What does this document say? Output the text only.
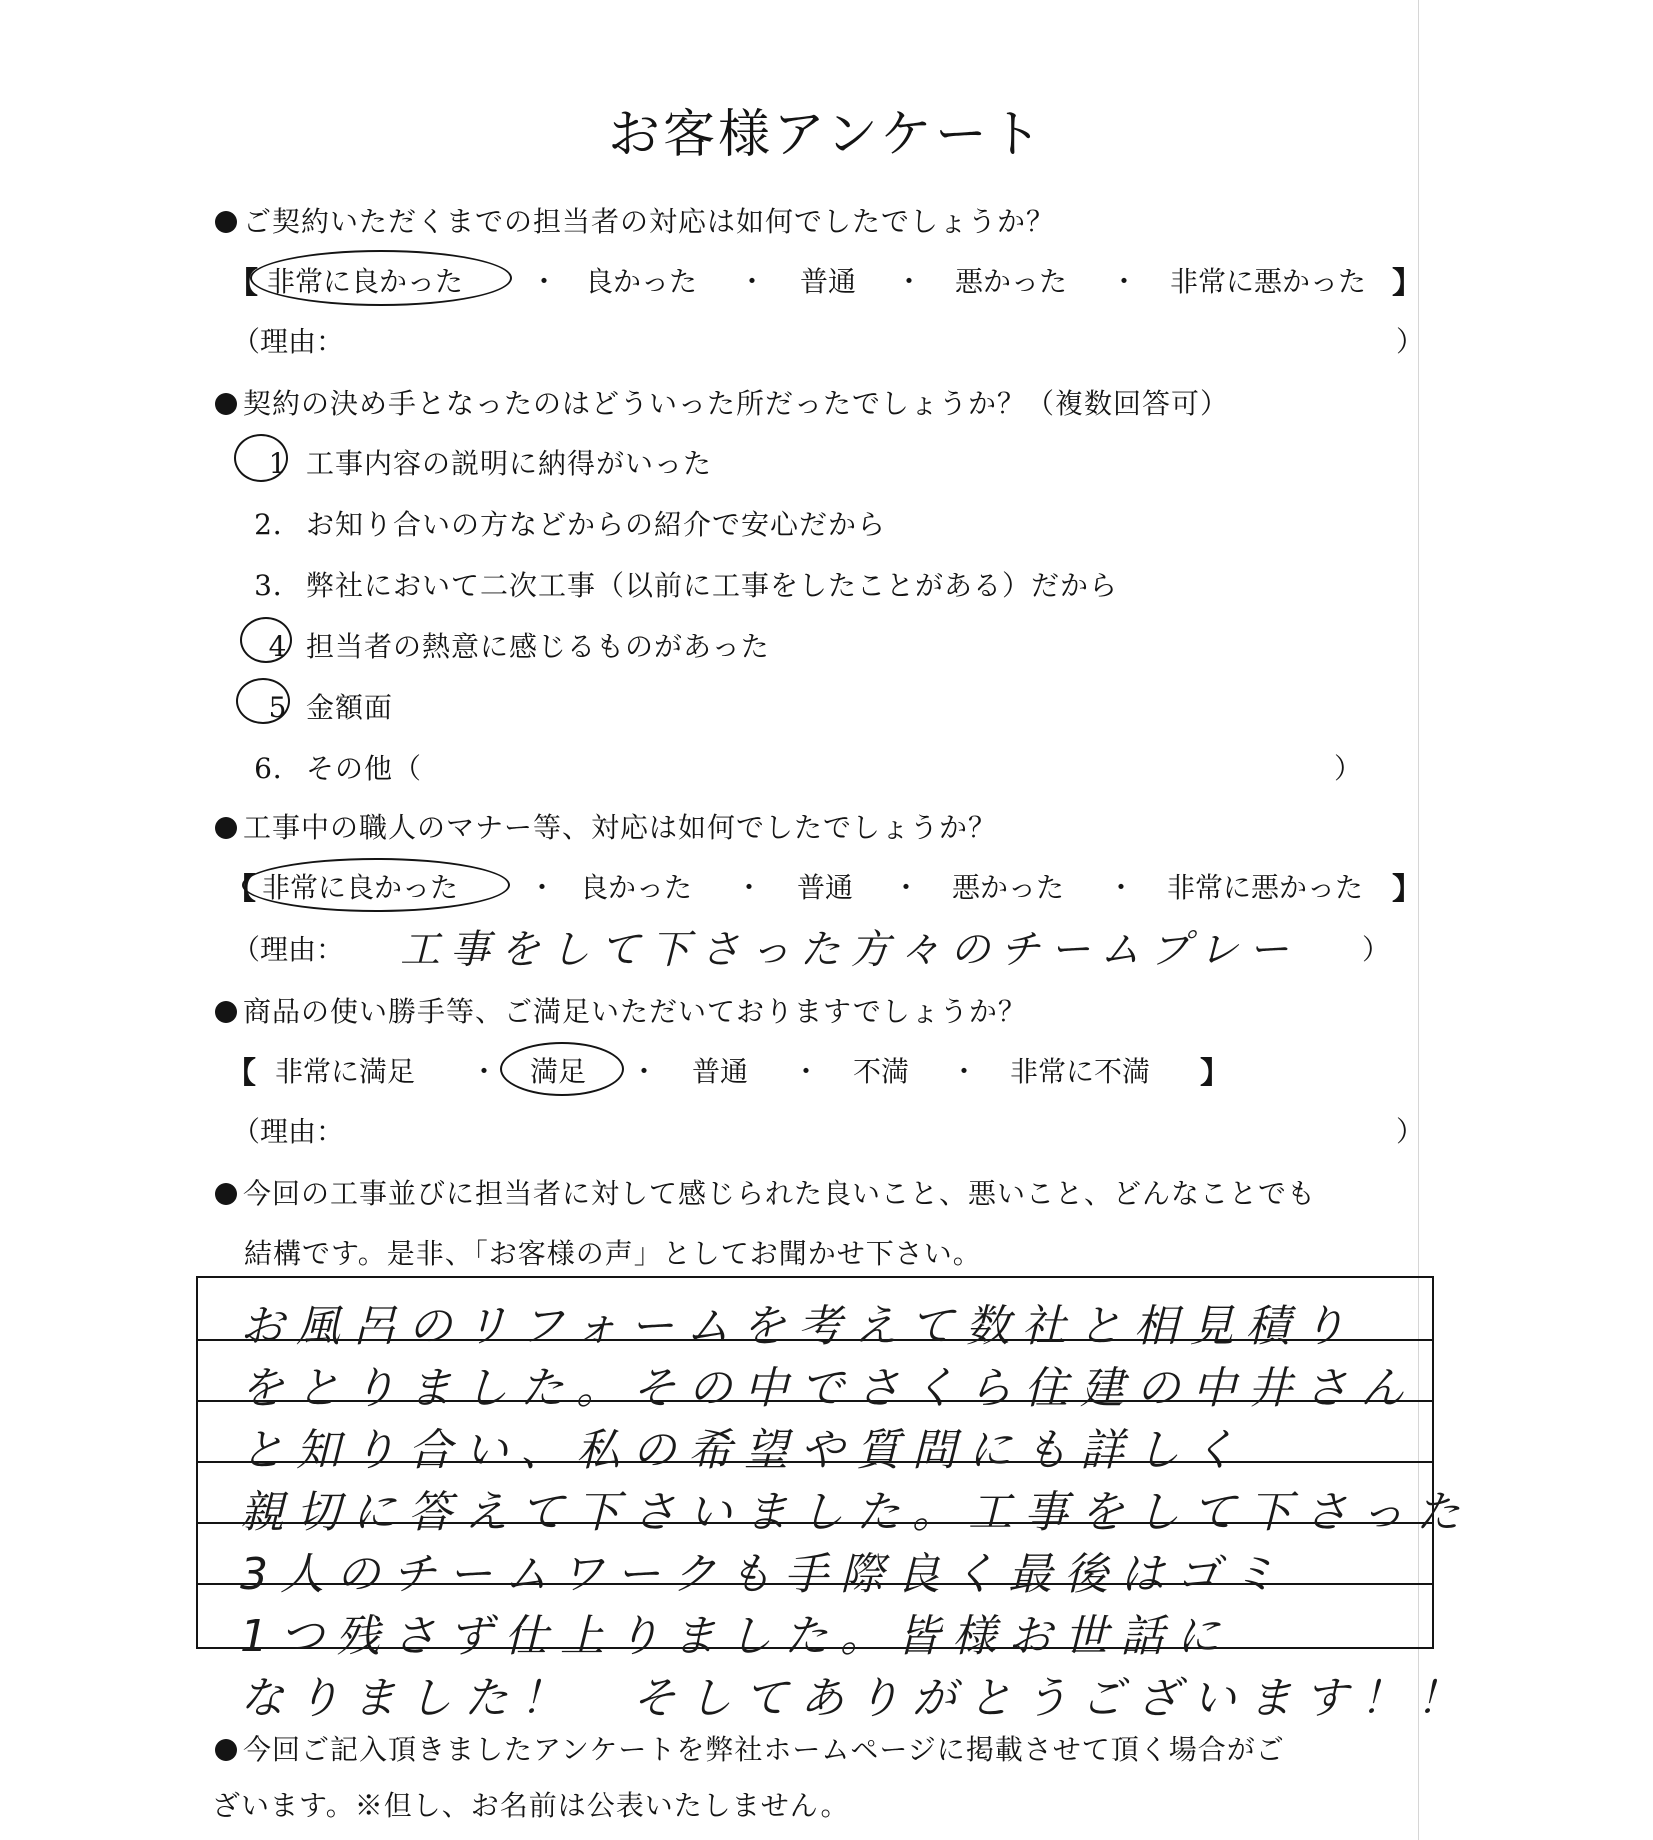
お客様アンケート
ご契約いただくまでの担当者の対応は如何でしたでしょうか？
【 非常に良かった ・ 良かった ・ 普通 ・ 悪かった ・ 非常に悪かった 】
（理由：	）
契約の決め手となったのはどういった所だったでしょうか？（複数回答可）
1 工事内容の説明に納得がいった
2． お知り合いの方などからの紹介で安心だから
3． 弊社において二次工事（以前に工事をしたことがある）だから
4 担当者の熱意に感じるものがあった
5 金額面
6． その他（	）
工事中の職人のマナー等、対応は如何でしたでしょうか？
【 非常に良かった ・ 良かった ・ 普通 ・ 悪かった ・ 非常に悪かった 】
（理由： 工事をして下さった方々のチームプレー ）
商品の使い勝手等、ご満足いただいておりますでしょうか？
【 非常に満足 ・ 満足 ・ 普通 ・ 不満 ・ 非常に不満 】
（理由：	）
今回の工事並びに担当者に対して感じられた良いこと、悪いこと、どんなことでも
結構です。是非、「お客様の声」としてお聞かせ下さい。
お風呂のリフォームを考えて数社と相見積り
をとりました。その中でさくら住建の中井さん
と知り合い、私の希望や質問にも詳しく
親切に答えて下さいました。工事をして下さった
3人のチームワークも手際良く最後はゴミ
1つ残さず仕上りました。皆様お世話に
なりました！　そしてありがとうございます！！
今回ご記入頂きましたアンケートを弊社ホームページに掲載させて頂く場合がご
ざいます。※但し、お名前は公表いたしません。
